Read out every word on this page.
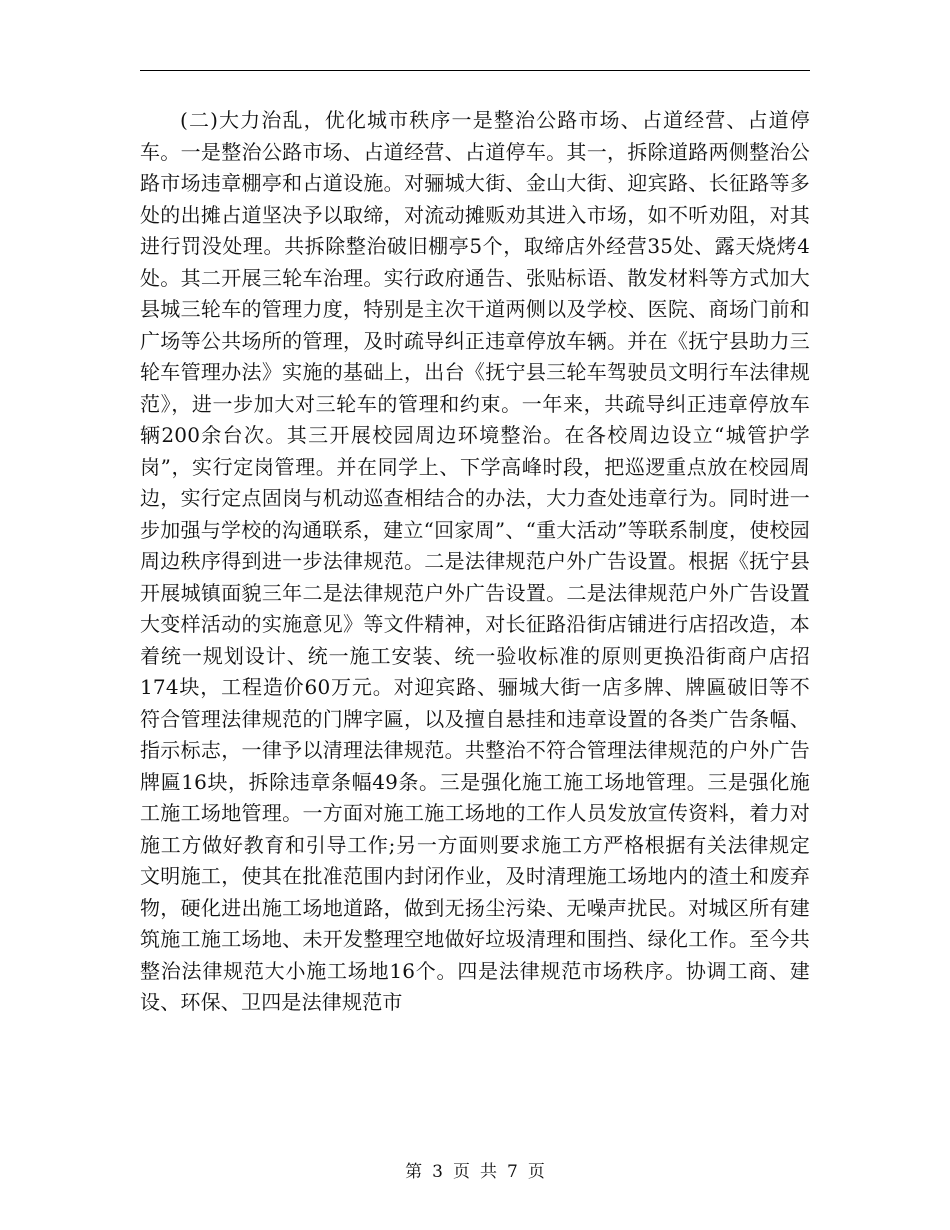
(二)大力治乱，优化城市秩序一是整治公路市场、占道经营、占道停车。一是整治公路市场、占道经营、占道停车。其一，拆除道路两侧整治公路市场违章棚亭和占道设施。对骊城大街、金山大街、迎宾路、长征路等多处的出摊占道坚决予以取缔，对流动摊贩劝其进入市场，如不听劝阻，对其进行罚没处理。共拆除整治破旧棚亭5个，取缔店外经营35处、露天烧烤4处。其二开展三轮车治理。实行政府通告、张贴标语、散发材料等方式加大县城三轮车的管理力度，特别是主次干道两侧以及学校、医院、商场门前和广场等公共场所的管理，及时疏导纠正违章停放车辆。并在《抚宁县助力三轮车管理办法》实施的基础上，出台《抚宁县三轮车驾驶员文明行车法律规范》，进一步加大对三轮车的管理和约束。一年来，共疏导纠正违章停放车辆200余台次。其三开展校园周边环境整治。在各校周边设立“城管护学岗”，实行定岗管理。并在同学上、下学高峰时段，把巡逻重点放在校园周边，实行定点固岗与机动巡查相结合的办法，大力查处违章行为。同时进一步加强与学校的沟通联系，建立“回家周”、“重大活动”等联系制度，使校园周边秩序得到进一步法律规范。二是法律规范户外广告设置。根据《抚宁县开展城镇面貌三年二是法律规范户外广告设置。二是法律规范户外广告设置大变样活动的实施意见》等文件精神，对长征路沿街店铺进行店招改造，本着统一规划设计、统一施工安装、统一验收标准的原则更换沿街商户店招174块，工程造价60万元。对迎宾路、骊城大街一店多牌、牌匾破旧等不符合管理法律规范的门牌字匾，以及擅自悬挂和违章设置的各类广告条幅、指示标志，一律予以清理法律规范。共整治不符合管理法律规范的户外广告牌匾16块，拆除违章条幅49条。三是强化施工施工场地管理。三是强化施工施工场地管理。一方面对施工施工场地的工作人员发放宣传资料，着力对施工方做好教育和引导工作;另一方面则要求施工方严格根据有关法律规定文明施工，使其在批准范围内封闭作业，及时清理施工场地内的渣土和废弃物，硬化进出施工场地道路，做到无扬尘污染、无噪声扰民。对城区所有建筑施工施工场地、未开发整理空地做好垃圾清理和围挡、绿化工作。至今共整治法律规范大小施工场地16个。四是法律规范市场秩序。协调工商、建设、环保、卫四是法律规范市

第 3 页 共 7 页
